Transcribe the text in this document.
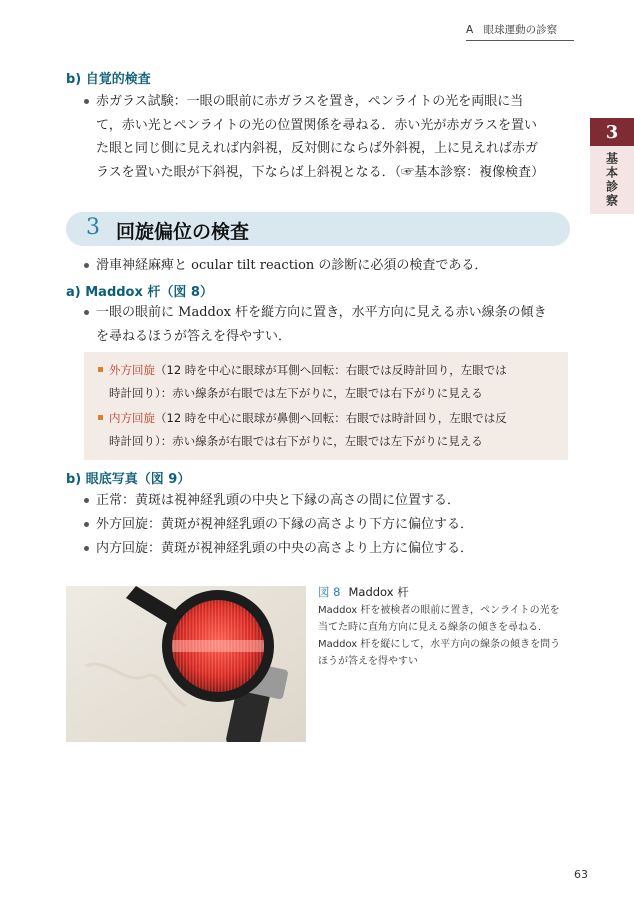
A　眼球運動の診察
3
基本診察
b) 自覚的検査
赤ガラス試験：一眼の眼前に赤ガラスを置き，ペンライトの光を両眼に当
て，赤い光とペンライトの光の位置関係を尋ねる．赤い光が赤ガラスを置い
た眼と同じ側に見えれば内斜視，反対側にならば外斜視，上に見えれば赤ガ
ラスを置いた眼が下斜視，下ならば上斜視となる．（☞基本診察：複像検査）
3 回旋偏位の検査
滑車神経麻痺と ocular tilt reaction の診断に必須の検査である．
a) Maddox 杆（図 8）
一眼の眼前に Maddox 杆を縦方向に置き，水平方向に見える赤い線条の傾き
を尋ねるほうが答えを得やすい．
外方回旋（12 時を中心に眼球が耳側へ回転：右眼では反時計回り，左眼では
時計回り）：赤い線条が右眼では左下がりに，左眼では右下がりに見える
内方回旋（12 時を中心に眼球が鼻側へ回転：右眼では時計回り，左眼では反
時計回り）：赤い線条が右眼では右下がりに，左眼では左下がりに見える
b) 眼底写真（図 9）
正常：黄斑は視神経乳頭の中央と下縁の高さの間に位置する．
外方回旋：黄斑が視神経乳頭の下縁の高さより下方に偏位する．
内方回旋：黄斑が視神経乳頭の中央の高さより上方に偏位する．
図 8 Maddox 杆
Maddox 杆を被検者の眼前に置き，ペンライトの光を
当てた時に直角方向に見える線条の傾きを尋ねる．
Maddox 杆を縦にして，水平方向の線条の傾きを問う
ほうが答えを得やすい
63
